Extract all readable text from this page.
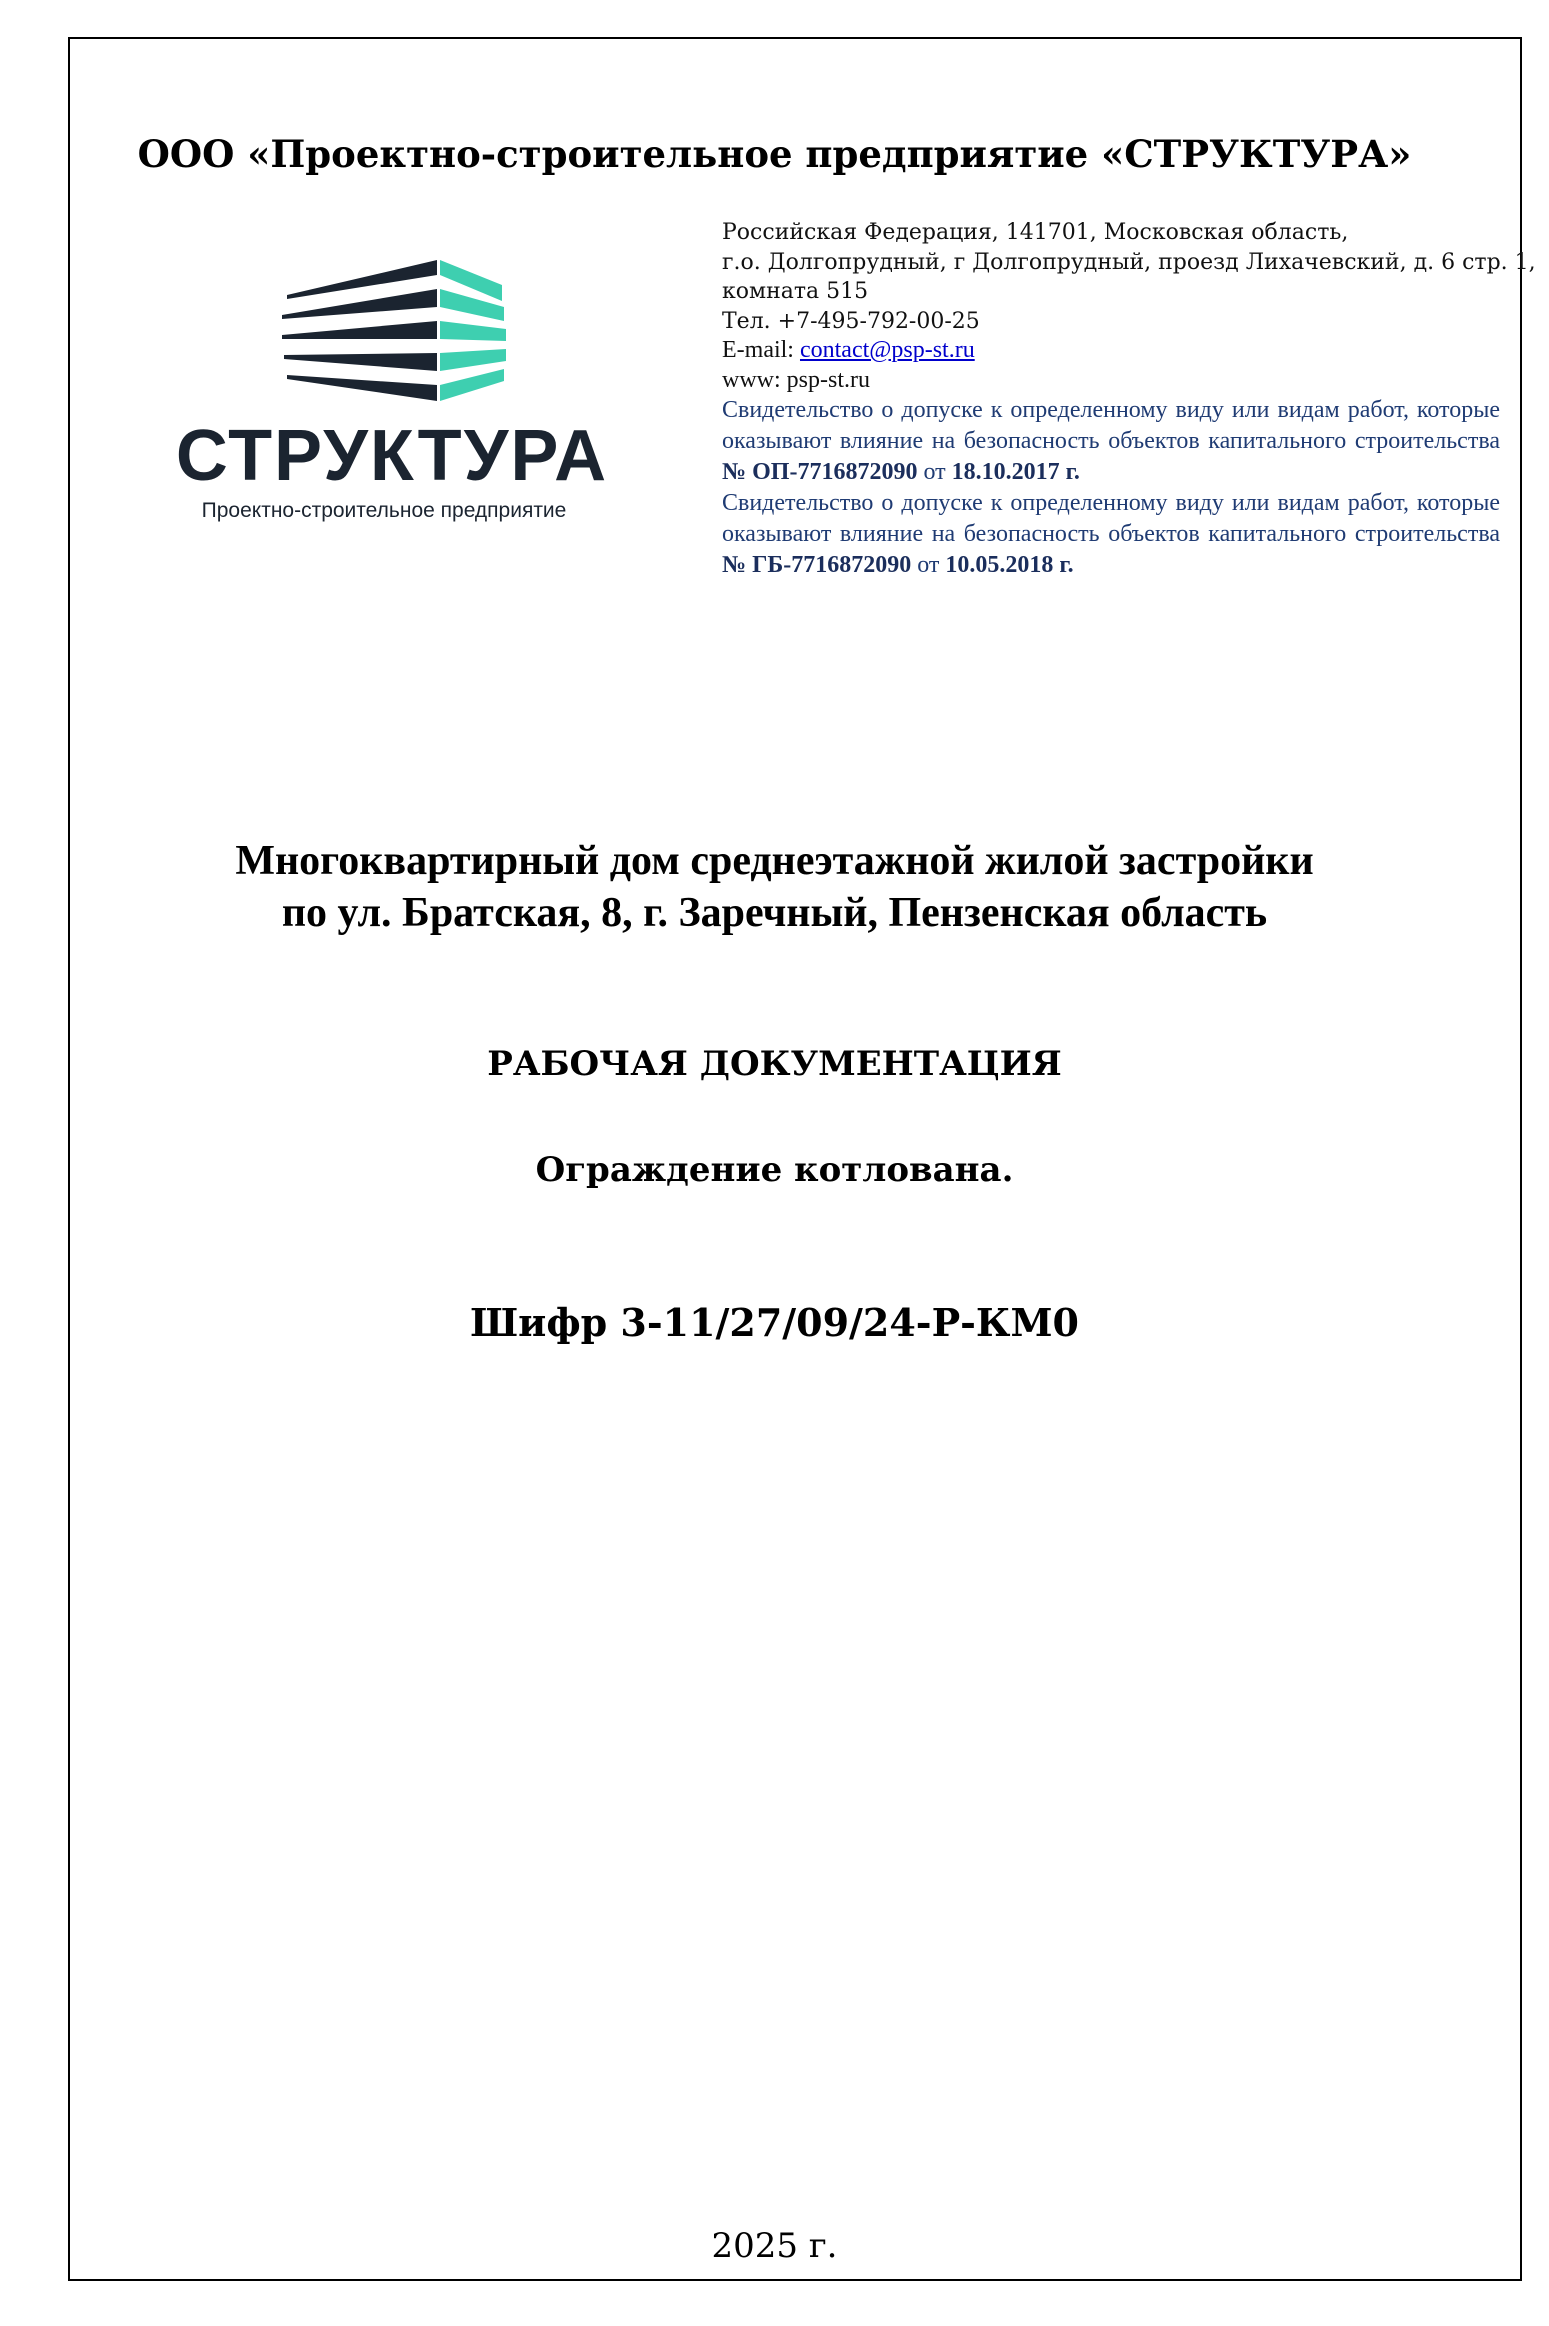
ООО «Проектно-строительное предприятие «СТРУКТУРА»
СТРУКТУРА
Проектно-строительное предприятие
Российская Федерация, 141701, Московская область,
г.о. Долгопрудный, г Долгопрудный, проезд Лихачевский, д. 6 стр. 1,
комната 515
Тел. +7-495-792-00-25
E-mail: contact@psp-st.ru
www: psp-st.ru
Свидетельство о допуске к определенному виду или видам работ, которые оказывают влияние на безопасность объектов капитального строительства № ОП-7716872090 от 18.10.2017 г.
Свидетельство о допуске к определенному виду или видам работ, которые оказывают влияние на безопасность объектов капитального строительства № ГБ-7716872090 от 10.05.2018 г.
Многоквартирный дом среднеэтажной жилой застройки
по ул. Братская, 8, г. Заречный, Пензенская область
РАБОЧАЯ ДОКУМЕНТАЦИЯ
Ограждение котлована.
Шифр 3-11/27/09/24-Р-КМ0
2025 г.
